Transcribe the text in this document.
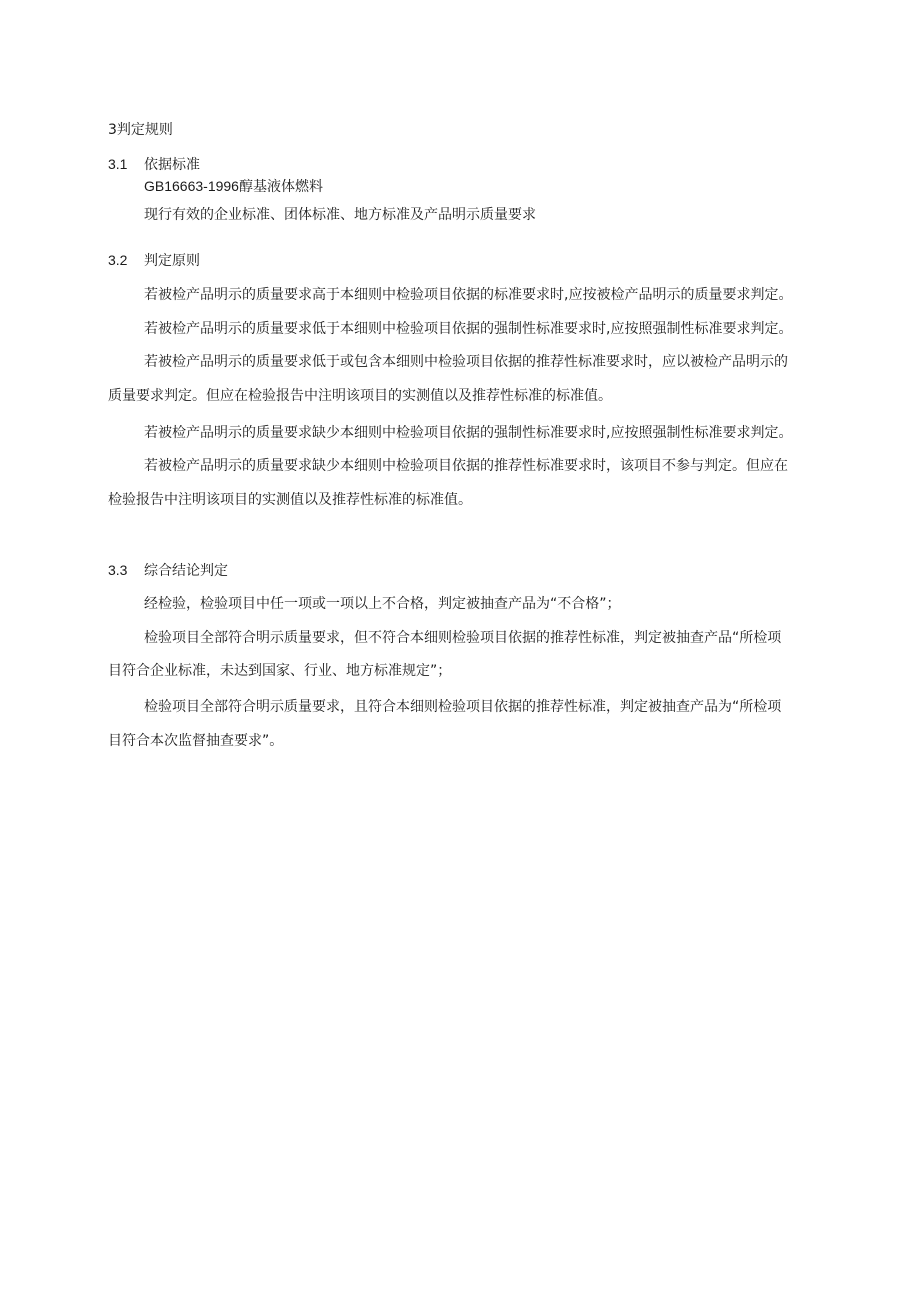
3判定规则
3.1 依据标准
GB16663-1996醇基液体燃料
现行有效的企业标准、团体标准、地方标准及产品明示质量要求
3.2 判定原则
若被检产品明示的质量要求高于本细则中检验项目依据的标准要求时,应按被检产品明示的质量要求判定。
若被检产品明示的质量要求低于本细则中检验项目依据的强制性标准要求时,应按照强制性标准要求判定。
若被检产品明示的质量要求低于或包含本细则中检验项目依据的推荐性标准要求时，应以被检产品明示的
质量要求判定。但应在检验报告中注明该项目的实测值以及推荐性标准的标准值。
若被检产品明示的质量要求缺少本细则中检验项目依据的强制性标准要求时,应按照强制性标准要求判定。
若被检产品明示的质量要求缺少本细则中检验项目依据的推荐性标准要求时，该项目不参与判定。但应在
检验报告中注明该项目的实测值以及推荐性标准的标准值。
3.3 综合结论判定
经检验，检验项目中任一项或一项以上不合格，判定被抽查产品为“不合格”；
检验项目全部符合明示质量要求，但不符合本细则检验项目依据的推荐性标准，判定被抽查产品“所检项
目符合企业标准，未达到国家、行业、地方标准规定”；
检验项目全部符合明示质量要求，且符合本细则检验项目依据的推荐性标准，判定被抽查产品为“所检项
目符合本次监督抽查要求”。
